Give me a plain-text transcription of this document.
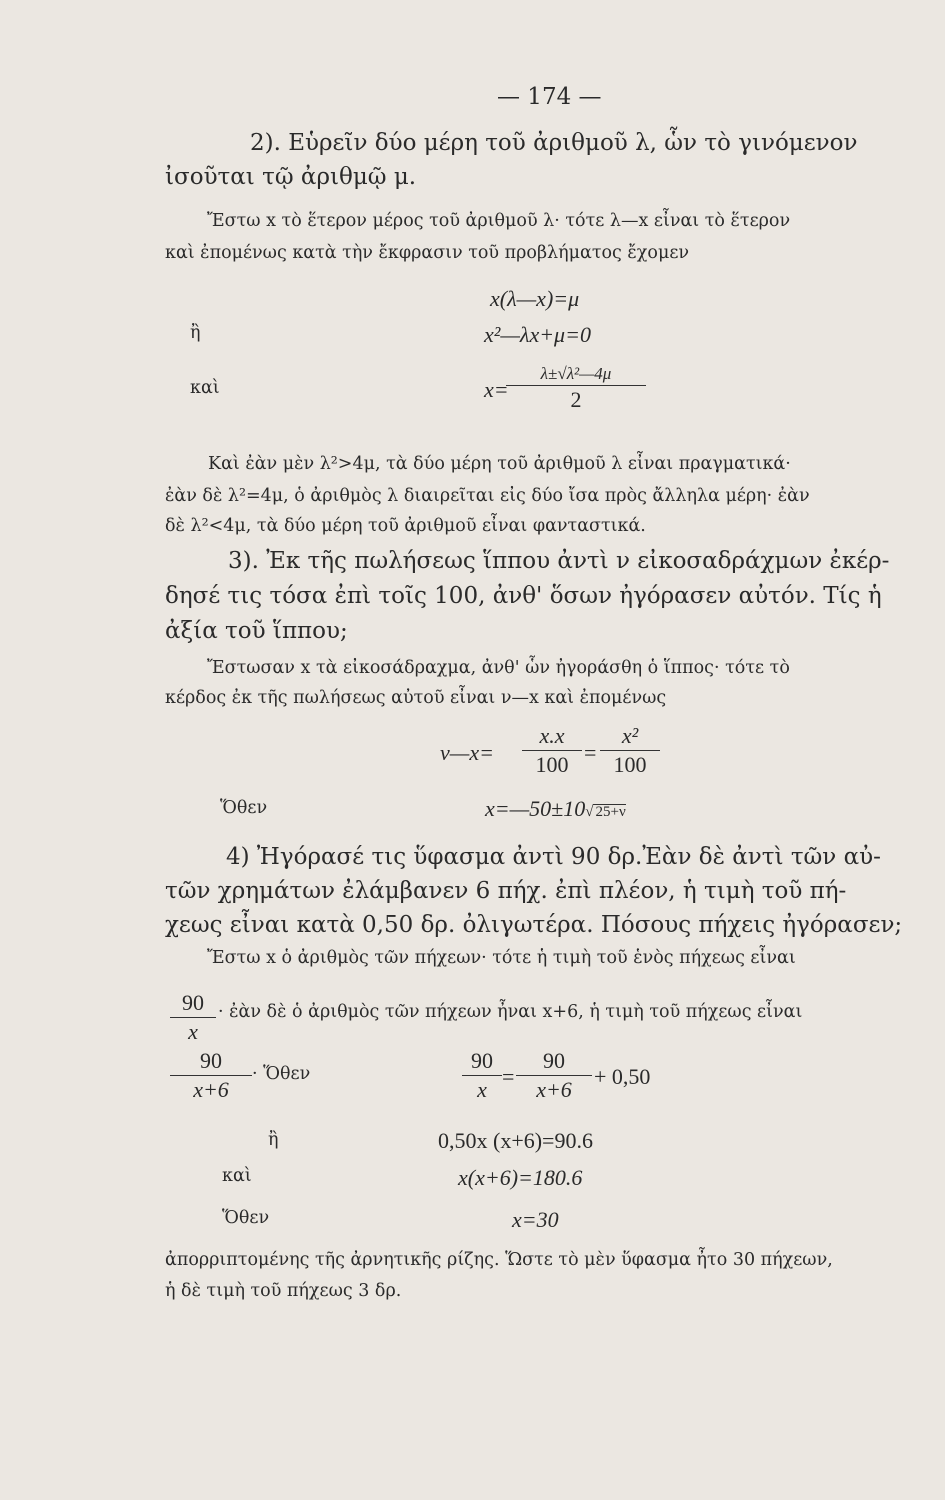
— 174 —
2). Εὑρεῖν δύο μέρη τοῦ ἀριθμοῦ λ, ὧν τὸ γινόμενον
ἰσοῦται τῷ ἀριθμῷ μ.
Ἔστω x τὸ ἕτερον μέρος τοῦ ἀριθμοῦ λ· τότε λ—x εἶναι τὸ ἕτερον
καὶ ἐπομένως κατὰ τὴν ἔκφρασιν τοῦ προβλήματος ἔχομεν
x(λ—x)=μ
ἢ	x²—λx+μ=0
καὶ	x=
λ±√λ²—4μ
2
Καὶ ἐὰν μὲν λ²>4μ, τὰ δύο μέρη τοῦ ἀριθμοῦ λ εἶναι πραγματικά·
ἐὰν δὲ λ²=4μ, ὁ ἀριθμὸς λ διαιρεῖται εἰς δύο ἴσα πρὸς ἄλληλα μέρη· ἐὰν
δὲ λ²<4μ, τὰ δύο μέρη τοῦ ἀριθμοῦ εἶναι φανταστικά.
3). Ἐκ τῆς πωλήσεως ἵππου ἀντὶ ν εἰκοσαδράχμων ἐκέρ-
δησέ τις τόσα ἐπὶ τοῖς 100, ἀνθ' ὅσων ἠγόρασεν αὐτόν. Τίς ἡ
ἀξία τοῦ ἵππου;
Ἔστωσαν x τὰ εἰκοσάδραχμα, ἀνθ' ὧν ἠγοράσθη ὁ ἵππος· τότε τὸ
κέρδος ἐκ τῆς πωλήσεως αὐτοῦ εἶναι ν—x καὶ ἐπομένως
ν—x= $\frac{x.x}{100} = \frac{\text{x²}}{100}$
Ὅθεν	x=—50±10√ 25+ν
4) Ἠγόρασέ τις ὕφασμα ἀντὶ 90 δρ.Ἐὰν δὲ ἀντὶ τῶν αὐ-
τῶν χρημάτων ἐλάμβανεν 6 πήχ. ἐπὶ πλέον, ἡ τιμὴ τοῦ πή-
χεως εἶναι κατὰ 0,50 δρ. ὀλιγωτέρα. Πόσους πήχεις ἠγόρασεν;
Ἔστω x ὁ ἀριθμὸς τῶν πήχεων· τότε ἡ τιμὴ τοῦ ἑνὸς πήχεως εἶναι
$\frac{90}{x}$ · ἐὰν δὲ ὁ ἀριθμὸς τῶν πήχεων ἦναι x+6, ἡ τιμὴ τοῦ πήχεως εἶναι
$\frac{90}{x+6}$ · Ὅθεν	$\frac{90}{x} = \frac{90}{x+6} + 0,50$
ἢ	0,50x (x+6)=90.6
καὶ	x(x+6)=180.6
Ὅθεν	x=30
ἀπορριπτομένης τῆς ἀρνητικῆς ρίζης. Ὥστε τὸ μὲν ὕφασμα ἦτο 30 πήχεων,
ἡ δὲ τιμὴ τοῦ πήχεως 3 δρ.
